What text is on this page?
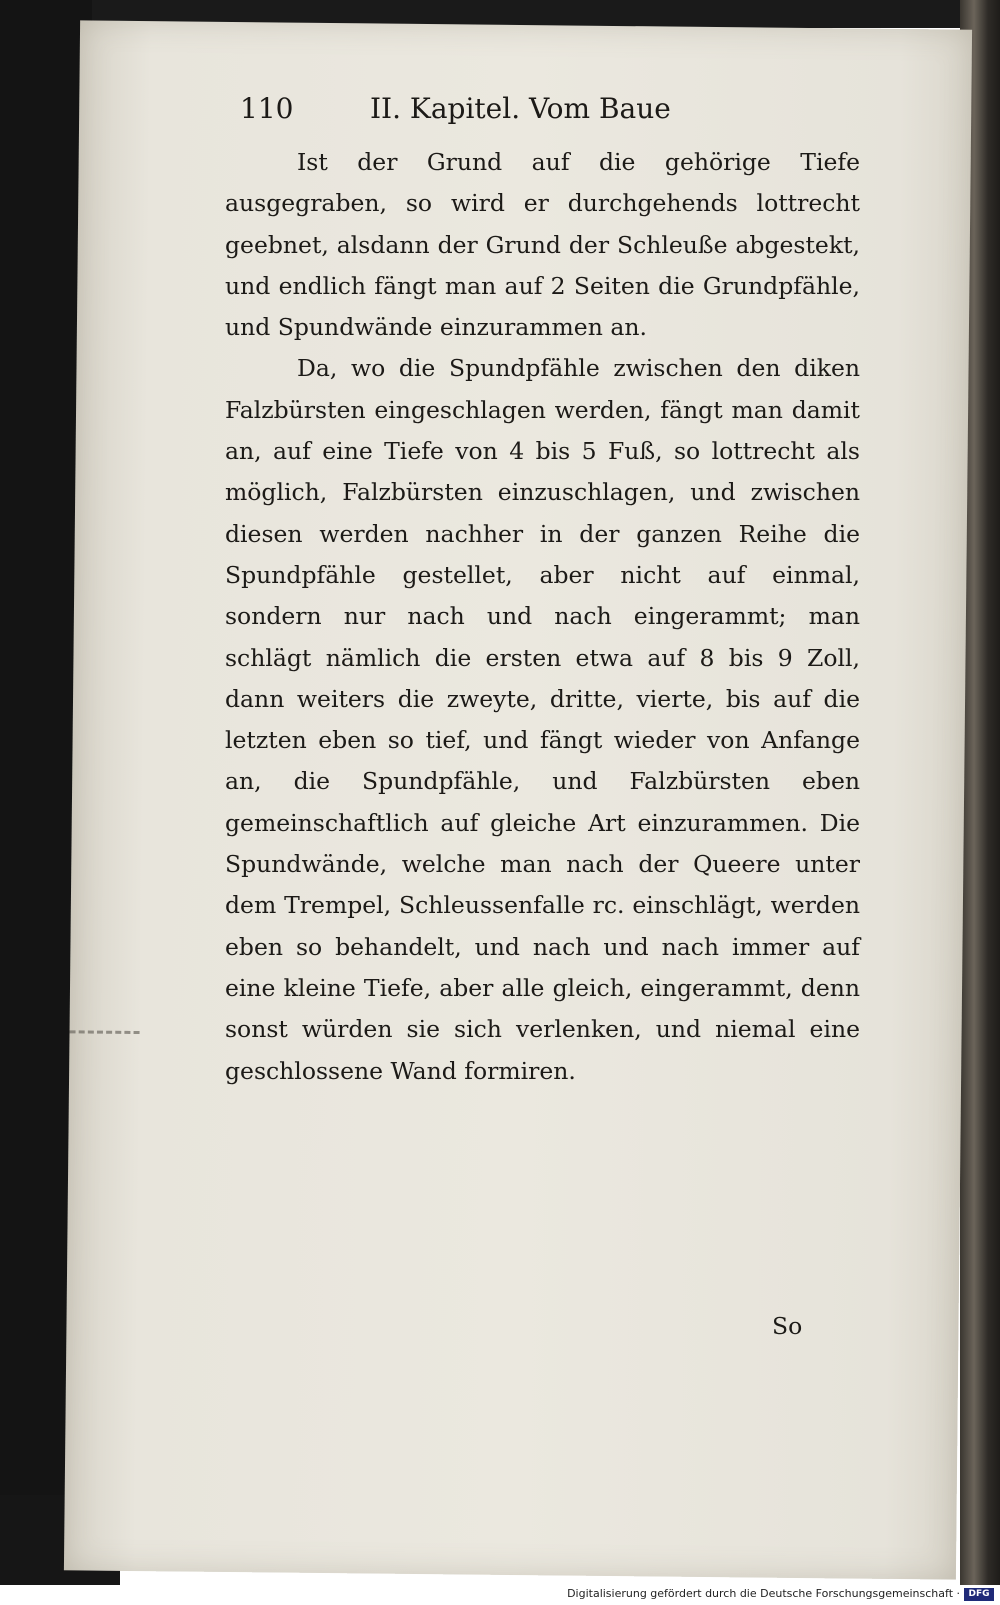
110	II. Kapitel. Vom Baue

Ist der Grund auf die gehörige Tiefe ausgegraben, so wird er durchgehends lottrecht geebnet, alsdann der Grund der Schleuße abgestekt, und endlich fängt man auf 2 Seiten die Grundpfähle, und Spundwände einzurammen an.

Da, wo die Spundpfähle zwischen den diken Falzbürsten eingeschlagen werden, fängt man damit an, auf eine Tiefe von 4 bis 5 Fuß, so lottrecht als möglich, Falzbürsten einzuschlagen, und zwischen diesen werden nachher in der ganzen Reihe die Spundpfähle gestellet, aber nicht auf einmal, sondern nur nach und nach eingerammt; man schlägt nämlich die ersten etwa auf 8 bis 9 Zoll, dann weiters die zweyte, dritte, vierte, bis auf die letzten eben so tief, und fängt wieder von Anfange an, die Spundpfähle, und Falzbürsten eben gemeinschaftlich auf gleiche Art einzurammen. Die Spundwände, welche man nach der Queere unter dem Trempel, Schleussenfalle rc. einschlägt, werden eben so behandelt, und nach und nach immer auf eine kleine Tiefe, aber alle gleich, eingerammt, denn sonst würden sie sich verlenken, und niemal eine geschlossene Wand formiren.

So
Digitalisierung gefördert durch die Deutsche Forschungsgemeinschaft · DFG
